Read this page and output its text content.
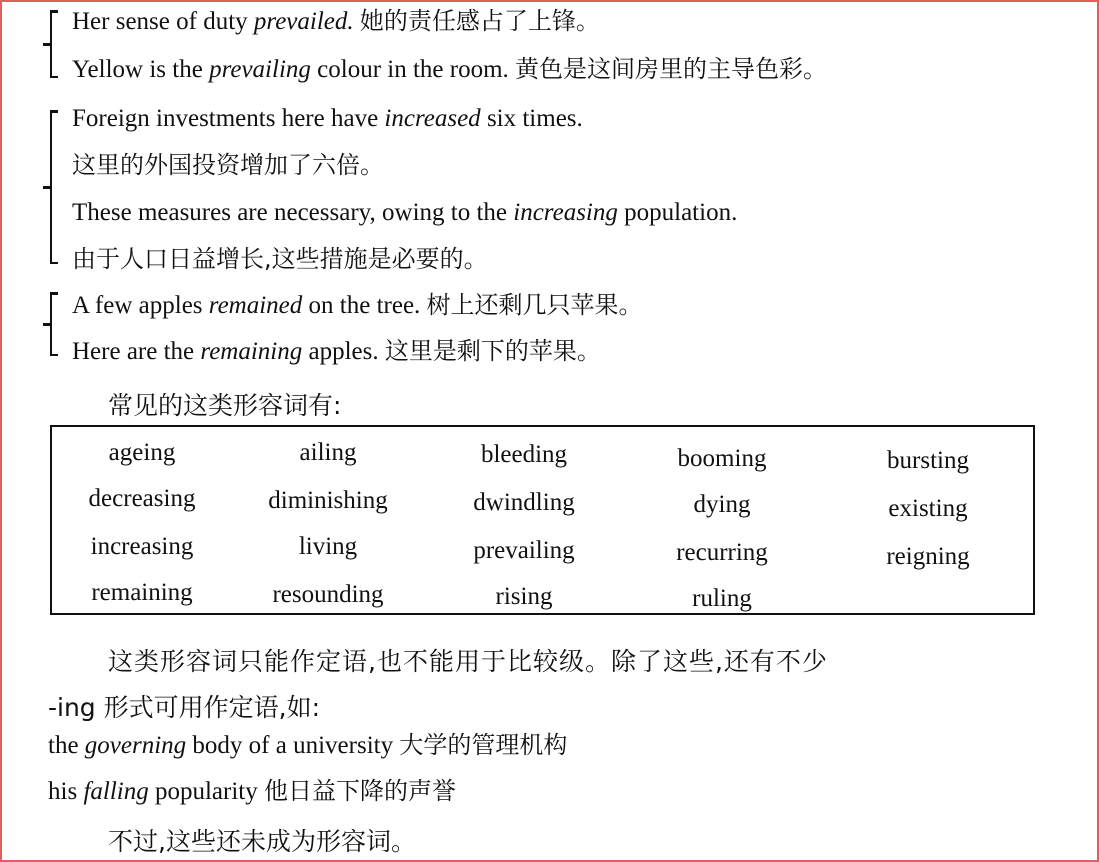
Her sense of duty prevailed. 她的责任感占了上锋。
Yellow is the prevailing colour in the room. 黄色是这间房里的主导色彩。
Foreign investments here have increased six times.
这里的外国投资增加了六倍。
These measures are necessary, owing to the increasing population.
由于人口日益增长,这些措施是必要的。
A few apples remained on the tree. 树上还剩几只苹果。
Here are the remaining apples. 这里是剩下的苹果。
常见的这类形容词有:
ageing	ailing	bleeding	booming	bursting
decreasing	diminishing	dwindling	dying	existing
increasing	living	prevailing	recurring	reigning
remaining	resounding	rising	ruling
这类形容词只能作定语,也不能用于比较级。除了这些,还有不少
-ing 形式可用作定语,如:
the governing body of a university 大学的管理机构
his falling popularity 他日益下降的声誉
不过,这些还未成为形容词。
